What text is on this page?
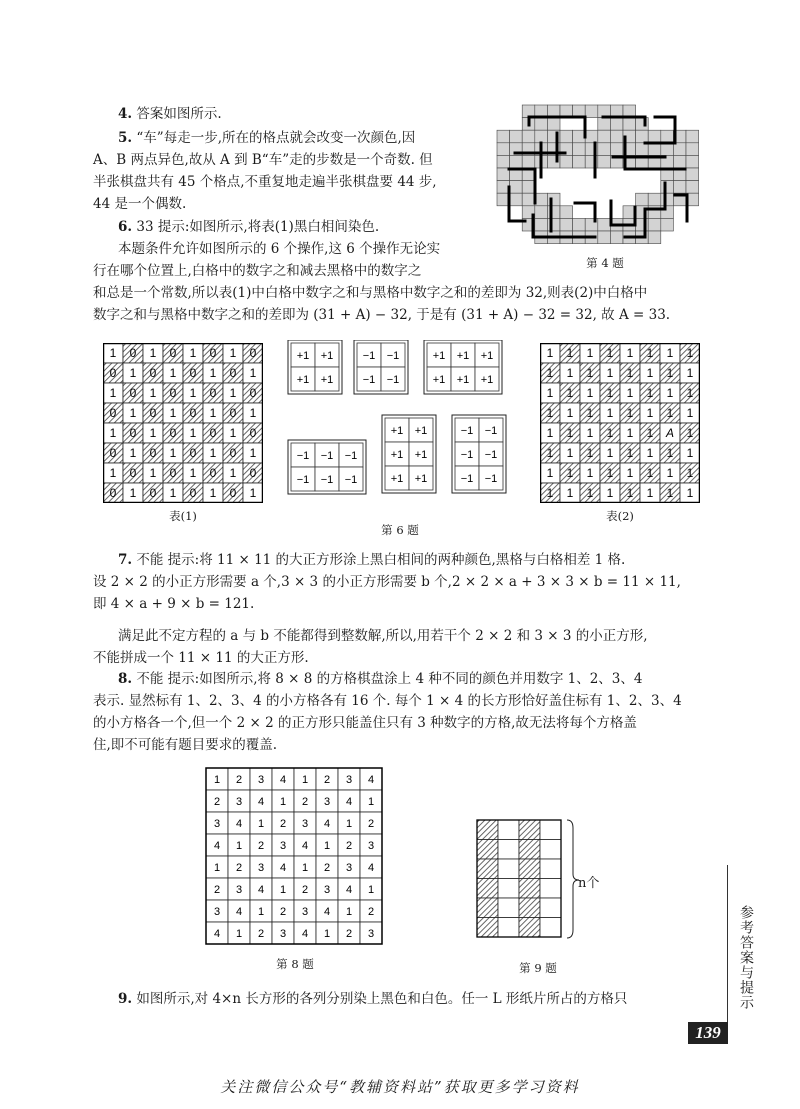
4. 答案如图所示.

5. “车”每走一步,所在的格点就会改变一次颜色,因
A、B 两点异色,故从 A 到 B“车”走的步数是一个奇数. 但
半张棋盘共有 45 个格点,不重复地走遍半张棋盘要 44 步,
44 是一个偶数.
6. 33 提示:如图所示,将表(1)黑白相间染色.
本题条件允许如图所示的 6 个操作,这 6 个操作无论实
行在哪个位置上,白格中的数字之和减去黑格中的数字之
和总是一个常数,所以表(1)中白格中数字之和与黑格中数字之和的差即为 32,则表(2)中白格中
数字之和与黑格中数字之和的差即为 (31 + A) − 32, 于是有 (31 + A) − 32 = 32, 故 A = 33.
第 4 题
1 0 1 0 1 0 1 0
0 1 0 1 0 1 0 1
1 0 1 0 1 0 1 0
0 1 0 1 0 1 0 1
1 0 1 0 1 0 1 0
0 1 0 1 0 1 0 1
1 0 1 0 1 0 1 0
0 1 0 1 0 1 0 1
表(1)
1 1 1 1 1 1 1 1
1 1 1 1 1 1 1 1
1 1 1 1 1 1 1 1
1 1 1 1 1 1 1 1
1 1 1 1 1 1 A 1
1 1 1 1 1 1 1 1
1 1 1 1 1 1 1 1
1 1 1 1 1 1 1 1
表(2)
+1 +1
+1 +1
−1 −1
−1 −1
+1 +1 +1
+1 +1 +1
−1 −1 −1
−1 −1 −1
+1 +1
+1 +1
+1 +1
−1 −1
−1 −1
−1 −1
第 6 题
7. 不能 提示:将 11 × 11 的大正方形涂上黑白相间的两种颜色,黑格与白格相差 1 格.
设 2 × 2 的小正方形需要 a 个,3 × 3 的小正方形需要 b 个,2 × 2 × a + 3 × 3 × b = 11 × 11,
即 4 × a + 9 × b = 121.
满足此不定方程的 a 与 b 不能都得到整数解,所以,用若干个 2 × 2 和 3 × 3 的小正方形,
不能拼成一个 11 × 11 的大正方形.
8. 不能 提示:如图所示,将 8 × 8 的方格棋盘涂上 4 种不同的颜色并用数字 1、2、3、4
表示. 显然标有 1、2、3、4 的小方格各有 16 个. 每个 1 × 4 的长方形恰好盖住标有 1、2、3、4
的小方格各一个,但一个 2 × 2 的正方形只能盖住只有 3 种数字的方格,故无法将每个方格盖
住,即不可能有题目要求的覆盖.
1 2 3 4 1 2 3 4
2 3 4 1 2 3 4 1
3 4 1 2 3 4 1 2
4 1 2 3 4 1 2 3
1 2 3 4 1 2 3 4
2 3 4 1 2 3 4 1
3 4 1 2 3 4 1 2
4 1 2 3 4 1 2 3
第 8 题
n个
第 9 题
9. 如图所示,对 4×n 长方形的各列分别染上黑色和白色。任一 L 形纸片所占的方格只	参考答案与提示
139
关注微信公众号“教辅资料站”获取更多学习资料
